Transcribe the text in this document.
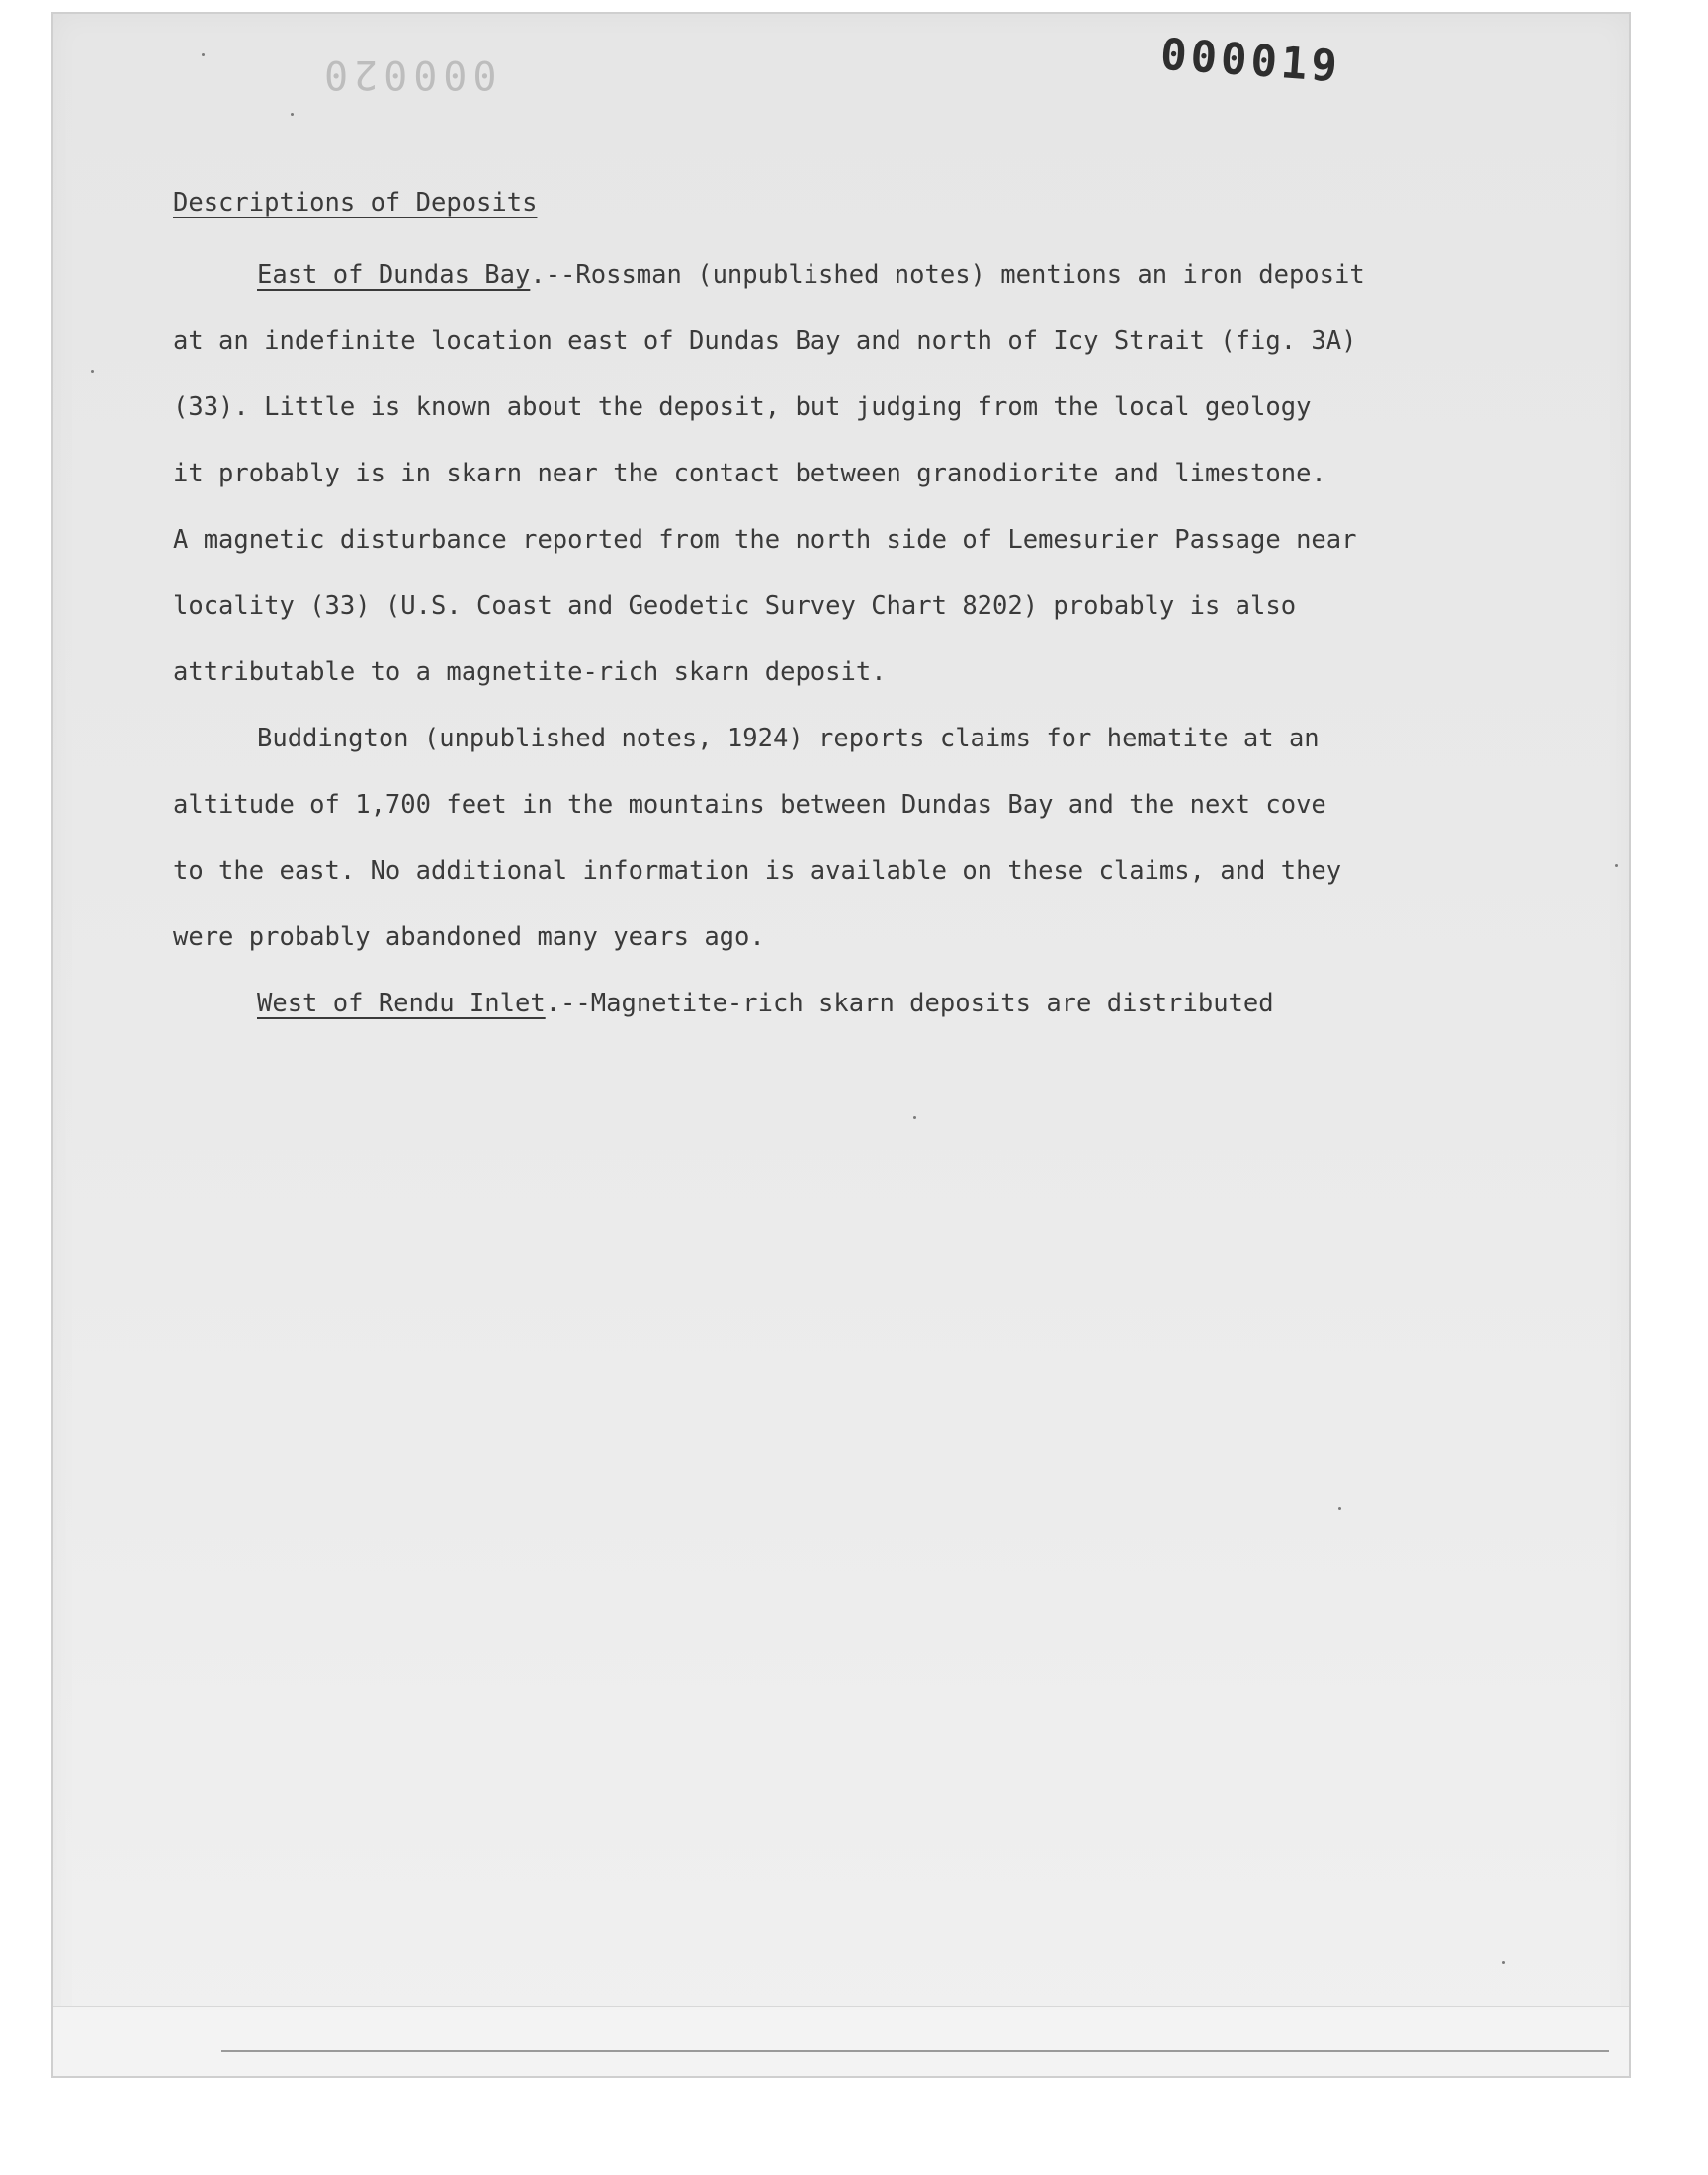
000020	000019
Descriptions of Deposits
East of Dundas Bay.--Rossman (unpublished notes) mentions an iron deposit
at an indefinite location east of Dundas Bay and north of Icy Strait (fig. 3A)
(33). Little is known about the deposit, but judging from the local geology
it probably is in skarn near the contact between granodiorite and limestone.
A magnetic disturbance reported from the north side of Lemesurier Passage near
locality (33) (U.S. Coast and Geodetic Survey Chart 8202) probably is also
attributable to a magnetite-rich skarn deposit.
Buddington (unpublished notes, 1924) reports claims for hematite at an
altitude of 1,700 feet in the mountains between Dundas Bay and the next cove
to the east. No additional information is available on these claims, and they
were probably abandoned many years ago.
West of Rendu Inlet.--Magnetite-rich skarn deposits are distributed
